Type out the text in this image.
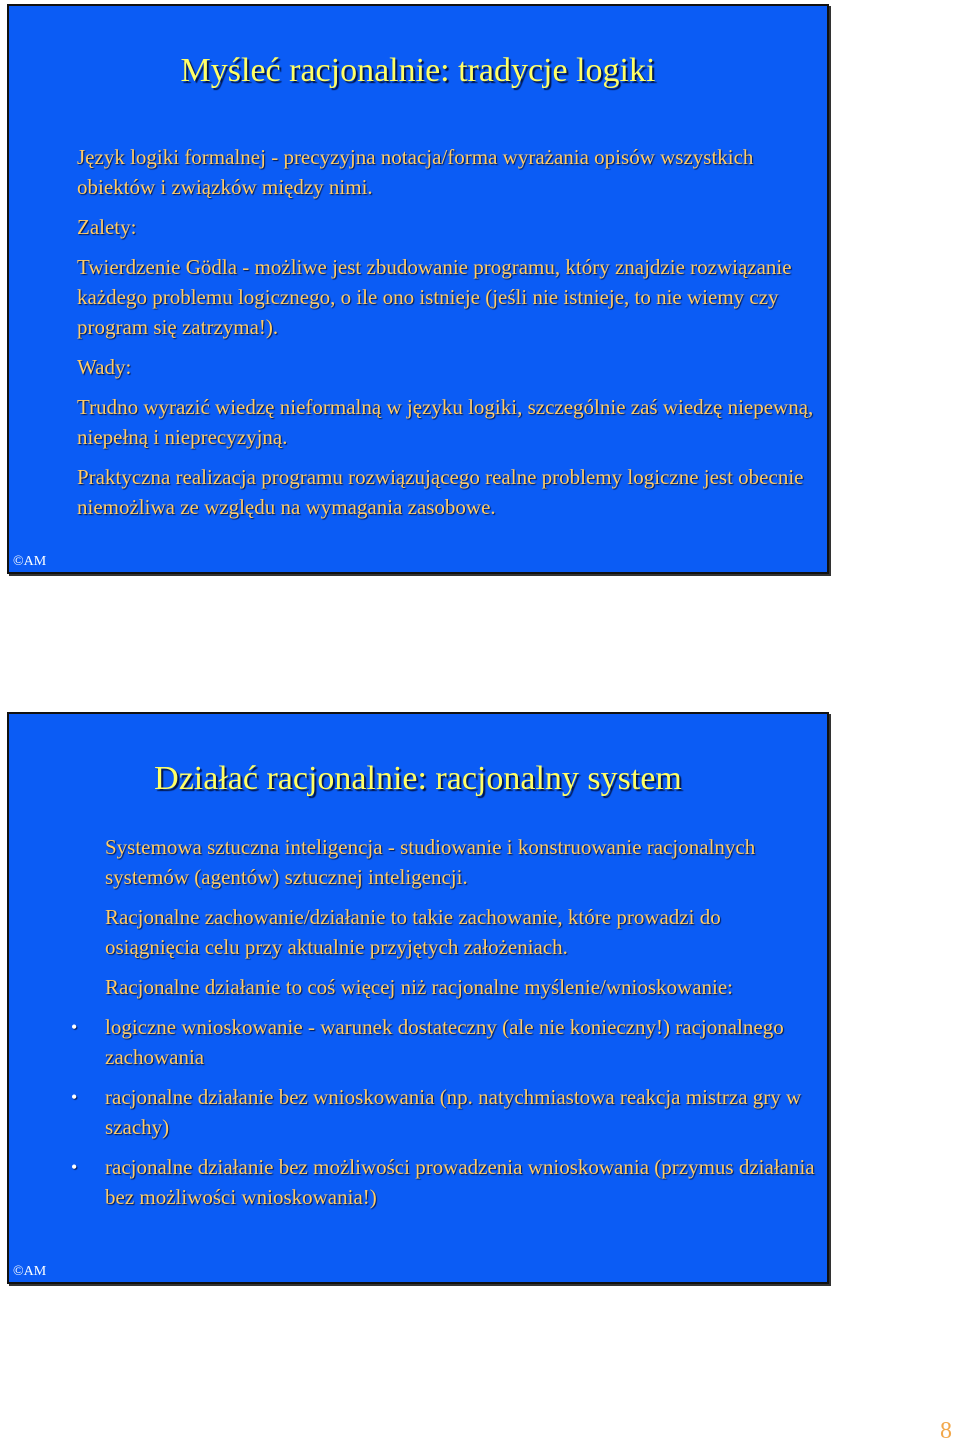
Myśleć racjonalnie: tradycje logiki

Język logiki formalnej - precyzyjna notacja/forma wyrażania opisów wszystkich obiektów i związków między nimi.

Zalety:

Twierdzenie Gödla - możliwe jest zbudowanie programu, który znajdzie rozwiązanie każdego problemu logicznego, o ile ono istnieje (jeśli nie istnieje, to nie wiemy czy program się zatrzyma!).

Wady:

Trudno wyrazić wiedzę nieformalną w języku logiki, szczególnie zaś wiedzę niepewną, niepełną i nieprecyzyjną.

Praktyczna realizacja programu rozwiązującego realne problemy logiczne jest obecnie niemożliwa ze względu na wymagania zasobowe.

©AM
Działać racjonalnie: racjonalny system

Systemowa sztuczna inteligencja - studiowanie i konstruowanie racjonalnych systemów (agentów) sztucznej inteligencji.

Racjonalne zachowanie/działanie to takie zachowanie, które prowadzi do osiągnięcia celu przy aktualnie przyjętych założeniach.

Racjonalne działanie to coś więcej niż racjonalne myślenie/wnioskowanie:

• logiczne wnioskowanie - warunek dostateczny (ale nie konieczny!) racjonalnego zachowania
• racjonalne działanie bez wnioskowania (np. natychmiastowa reakcja mistrza gry w szachy)
• racjonalne działanie bez możliwości prowadzenia wnioskowania (przymus działania bez możliwości wnioskowania!)
©AM
8
